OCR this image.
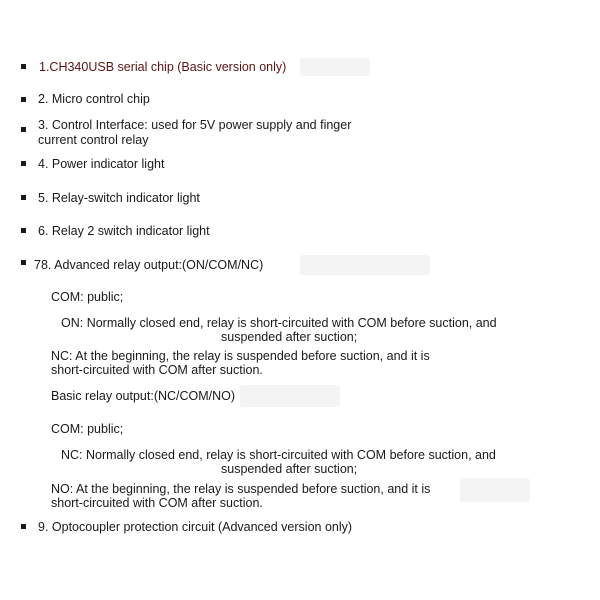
1.CH340USB serial chip (Basic version only)
2. Micro control chip
3. Control Interface: used for 5V power supply and finger
current control relay
4. Power indicator light
5. Relay-switch indicator light
6. Relay 2 switch indicator light
78. Advanced relay output:(ON/COM/NC)
COM: public;
ON: Normally closed end, relay is short-circuited with COM before suction, and
suspended after suction;
NC: At the beginning, the relay is suspended before suction, and it is
short-circuited with COM after suction.
Basic relay output:(NC/COM/NO)
COM: public;
NC: Normally closed end, relay is short-circuited with COM before suction, and
suspended after suction;
NO: At the beginning, the relay is suspended before suction, and it is
short-circuited with COM after suction.
9. Optocoupler protection circuit (Advanced version only)
